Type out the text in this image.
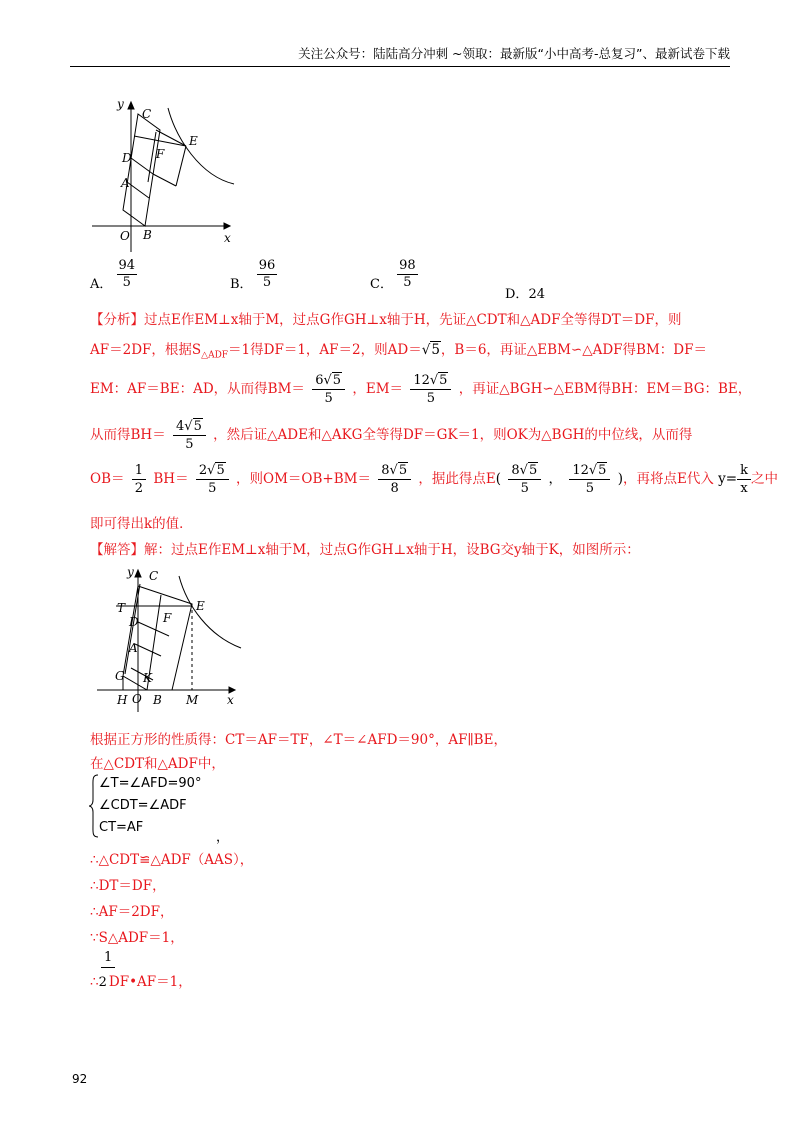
关注公众号：陆陆高分冲刺 ~领取：最新版“小中高考-总复习”、最新试卷下载
y
x
C
E
D F
A
O B
A． $\frac{94}{5}$	B． $\frac{96}{5}$	C． $\frac{98}{5}$
D．24
【分析】过点E作EM⊥x轴于M，过点G作GH⊥x轴于H，先证△CDT和△ADF全等得DT＝DF，则
AF＝2DF，根据$S_{\triangle ADF}=1$得DF＝1，AF＝2，则AD＝√5，B＝6，再证△EBM∽△ADF得BM：DF＝
EM：AF＝BE：AD，从而得$BM= \frac{6√5}{5}$ ，$EM= \frac{12√5}{5}$ ，再证△BGH∽△EBM得BH：EM＝BG：BE，
从而得$BH= \frac{4√5}{5}$ ，然后证△ADE和△AKG全等得DF＝GK＝1，则OK为△BGH的中位线，从而得
$OB= \frac{1}{2} BH= \frac{2√5}{5}$ ，则$OM=OB+BM= \frac{8√5}{8}$ ，据此得点$E( \frac{8√5}{5}$ ， $\frac{12√5}{5}$ )，再将点E代入 $y= \frac{k}{x}$ 之中
即可得出k的值．
【解答】解：过点E作EM⊥x轴于M，过点G作GH⊥x轴于H，设BG交y轴于K，如图所示：
y
x
C
E
T
D F
A
G K
H O B M
根据正方形的性质得：CT＝AF＝TF，∠T＝∠AFD＝90°，AF∥BE，
在△CDT和△ADF中，
∠T=∠AFD=90°
∠CDT=∠ADF
CT=AF
，
∴△CDT≌△ADF（AAS），
∴DT＝DF，
∴AF＝2DF，
∵S△ADF＝1，
1
∴2 DF•AF＝1，
92
